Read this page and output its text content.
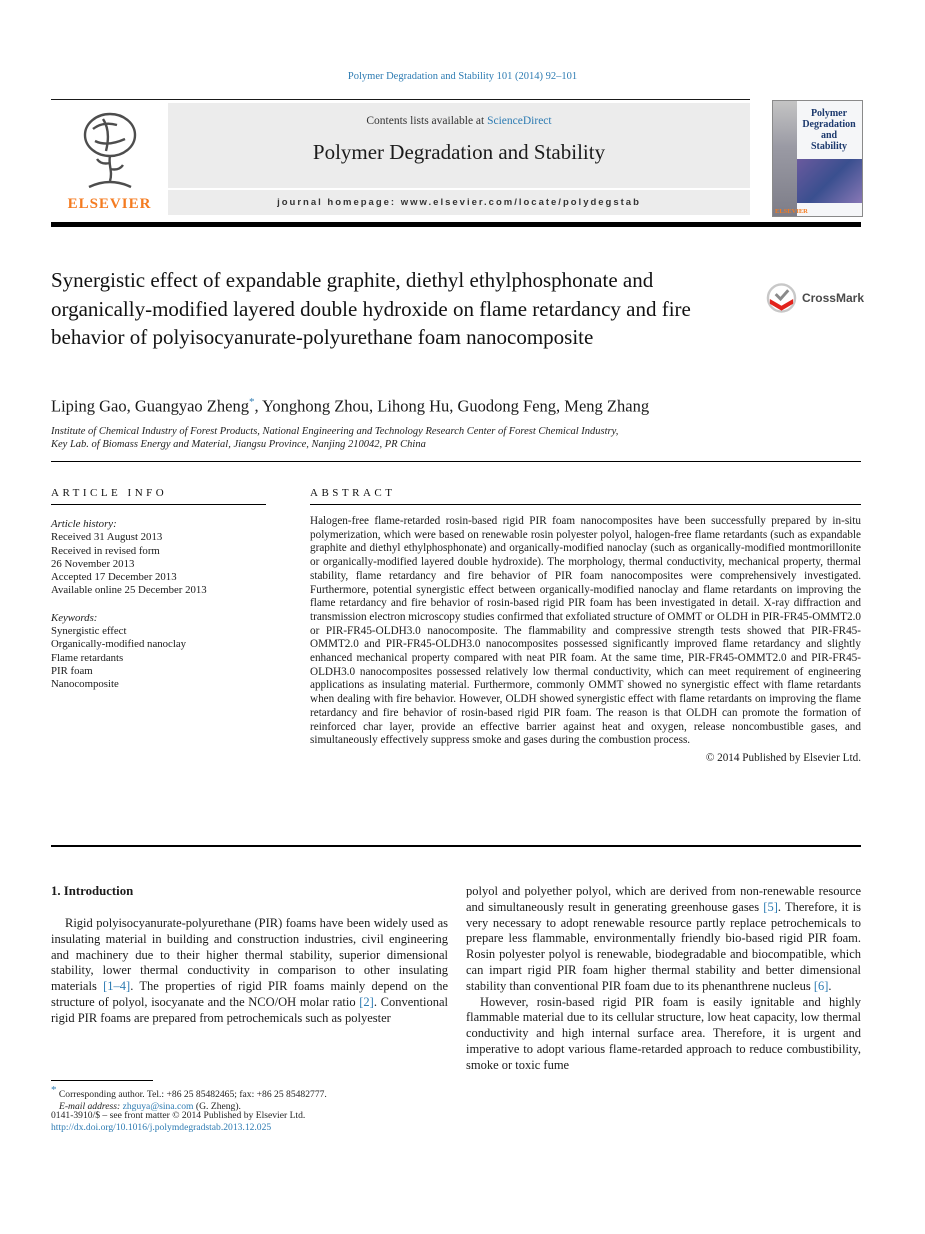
Polymer Degradation and Stability 101 (2014) 92–101
ELSEVIER
Contents lists available at ScienceDirect
Polymer Degradation and Stability
journal homepage: www.elsevier.com/locate/polydegstab
Polymer
Degradation
and
Stability
ELSEVIER
Synergistic effect of expandable graphite, diethyl ethylphosphonate and organically-modified layered double hydroxide on flame retardancy and fire behavior of polyisocyanurate-polyurethane foam nanocomposite
CrossMark
Liping Gao, Guangyao Zheng*, Yonghong Zhou, Lihong Hu, Guodong Feng, Meng Zhang
Institute of Chemical Industry of Forest Products, National Engineering and Technology Research Center of Forest Chemical Industry,
Key Lab. of Biomass Energy and Material, Jiangsu Province, Nanjing 210042, PR China
ARTICLE INFO
Article history:
Received 31 August 2013
Received in revised form
26 November 2013
Accepted 17 December 2013
Available online 25 December 2013
Keywords:
Synergistic effect
Organically-modified nanoclay
Flame retardants
PIR foam
Nanocomposite
ABSTRACT
Halogen-free flame-retarded rosin-based rigid PIR foam nanocomposites have been successfully prepared by in-situ polymerization, which were based on renewable rosin polyester polyol, halogen-free flame retardants (such as expandable graphite and diethyl ethylphosphonate) and organically-modified nanoclay (such as organically-modified montmorillonite or organically-modified layered double hydroxide). The morphology, thermal conductivity, mechanical property, thermal stability, flame retardancy and fire behavior of PIR foam nanocomposites were comprehensively investigated. Furthermore, potential synergistic effect between organically-modified nanoclay and flame retardants on improving the flame retardancy and fire behavior of rosin-based rigid PIR foam has been investigated in detail. X-ray diffraction and transmission electron microscopy studies confirmed that exfoliated structure of OMMT or OLDH in PIR-FR45-OMMT2.0 or PIR-FR45-OLDH3.0 nanocomposite. The flammability and compressive strength tests showed that PIR-FR45-OMMT2.0 and PIR-FR45-OLDH3.0 nanocomposites possessed significantly improved flame retardancy and slightly enhanced mechanical property compared with neat PIR foam. At the same time, PIR-FR45-OMMT2.0 and PIR-FR45-OLDH3.0 nanocomposites possessed relatively low thermal conductivity, which can meet requirement of engineering applications as insulating material. Furthermore, commonly OMMT showed no synergistic effect with flame retardants when dealing with fire behavior. However, OLDH showed synergistic effect with flame retardants on improving the flame retardancy and fire behavior of rosin-based rigid PIR foam. The reason is that OLDH can promote the formation of reinforced char layer, provide an effective barrier against heat and oxygen, release noncombustible gases, and simultaneously effectively suppress smoke and gases during the combustion process.
© 2014 Published by Elsevier Ltd.
1. Introduction

Rigid polyisocyanurate-polyurethane (PIR) foams have been widely used as insulating material in building and construction industries, civil engineering and machinery due to their higher thermal stability, superior dimensional stability, lower thermal conductivity in comparison to other insulating materials [1–4]. The properties of rigid PIR foams mainly depend on the structure of polyol, isocyanate and the NCO/OH molar ratio [2]. Conventional rigid PIR foams are prepared from petrochemicals such as polyester

polyol and polyether polyol, which are derived from non-renewable resource and simultaneously result in generating greenhouse gases [5]. Therefore, it is very necessary to adopt renewable resource partly replace petrochemicals to prepare less flammable, environmentally friendly bio-based rigid PIR foam. Rosin polyester polyol is renewable, biodegradable and biocompatible, which can impart rigid PIR foam higher thermal stability and better dimensional stability than conventional PIR foam due to its phenanthrene nucleus [6].

However, rosin-based rigid PIR foam is easily ignitable and highly flammable material due to its cellular structure, low heat capacity, low thermal conductivity and high internal surface area. Therefore, it is urgent and imperative to adopt various flame-retarded approach to reduce combustibility, smoke or toxic fume

* Corresponding author. Tel.: +86 25 85482465; fax: +86 25 85482777.
E-mail address: zhguya@sina.com (G. Zheng).
0141-3910/$ – see front matter © 2014 Published by Elsevier Ltd.
http://dx.doi.org/10.1016/j.polymdegradstab.2013.12.025
